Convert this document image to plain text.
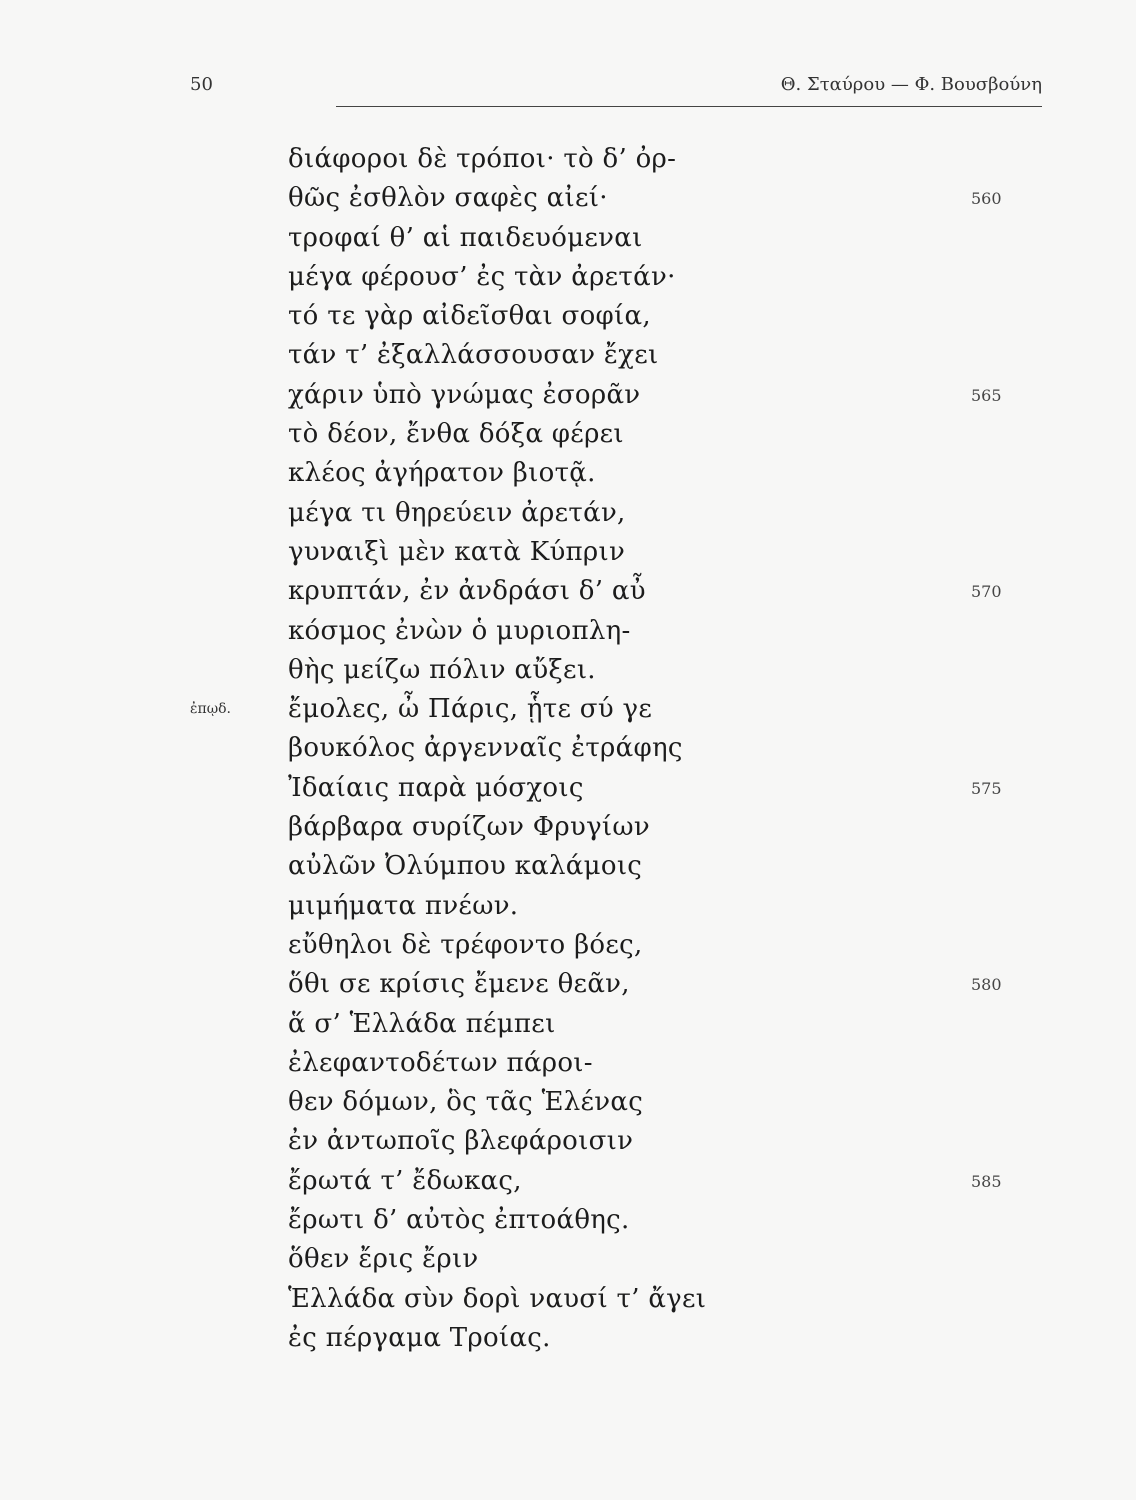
50	Θ. Σταύρου — Φ. Βουσβούνη
διάφοροι δὲ τρόποι· τὸ δ’ ὀρ-
θῶς ἐσθλὸν σαφὲς αἰεί·	560
τροφαί θ’ αἱ παιδευόμεναι
μέγα φέρουσ’ ἐς τὰν ἀρετάν·
τό τε γὰρ αἰδεῖσθαι σοφία,
τάν τ’ ἐξαλλάσσουσαν ἔχει
χάριν ὑπὸ γνώμας ἐσορᾶν	565
τὸ δέον, ἔνθα δόξα φέρει
κλέος ἀγήρατον βιοτᾷ.
μέγα τι θηρεύειν ἀρετάν,
γυναιξὶ μὲν κατὰ Κύπριν
κρυπτάν, ἐν ἀνδράσι δ’ αὖ	570
κόσμος ἐνὼν ὁ μυριοπλη-
θὴς μείζω πόλιν αὔξει.
ἐπῳδ. ἔμολες, ὦ Πάρις, ᾗτε σύ γε
βουκόλος ἀργενναῖς ἐτράφης
Ἰδαίαις παρὰ μόσχοις	575
βάρβαρα συρίζων Φρυγίων
αὐλῶν Ὀλύμπου καλάμοις
μιμήματα πνέων.
εὔθηλοι δὲ τρέφοντο βόες,
ὅθι σε κρίσις ἔμενε θεᾶν,	580
ἅ σ’ Ἑλλάδα πέμπει
ἐλεφαντοδέτων πάροι-
θεν δόμων, ὃς τᾶς Ἑλένας
ἐν ἀντωποῖς βλεφάροισιν
ἔρωτά τ’ ἔδωκας,	585
ἔρωτι δ’ αὐτὸς ἐπτοάθης.
ὅθεν ἔρις ἔριν
Ἑλλάδα σὺν δορὶ ναυσί τ’ ἄγει
ἐς πέργαμα Τροίας.
